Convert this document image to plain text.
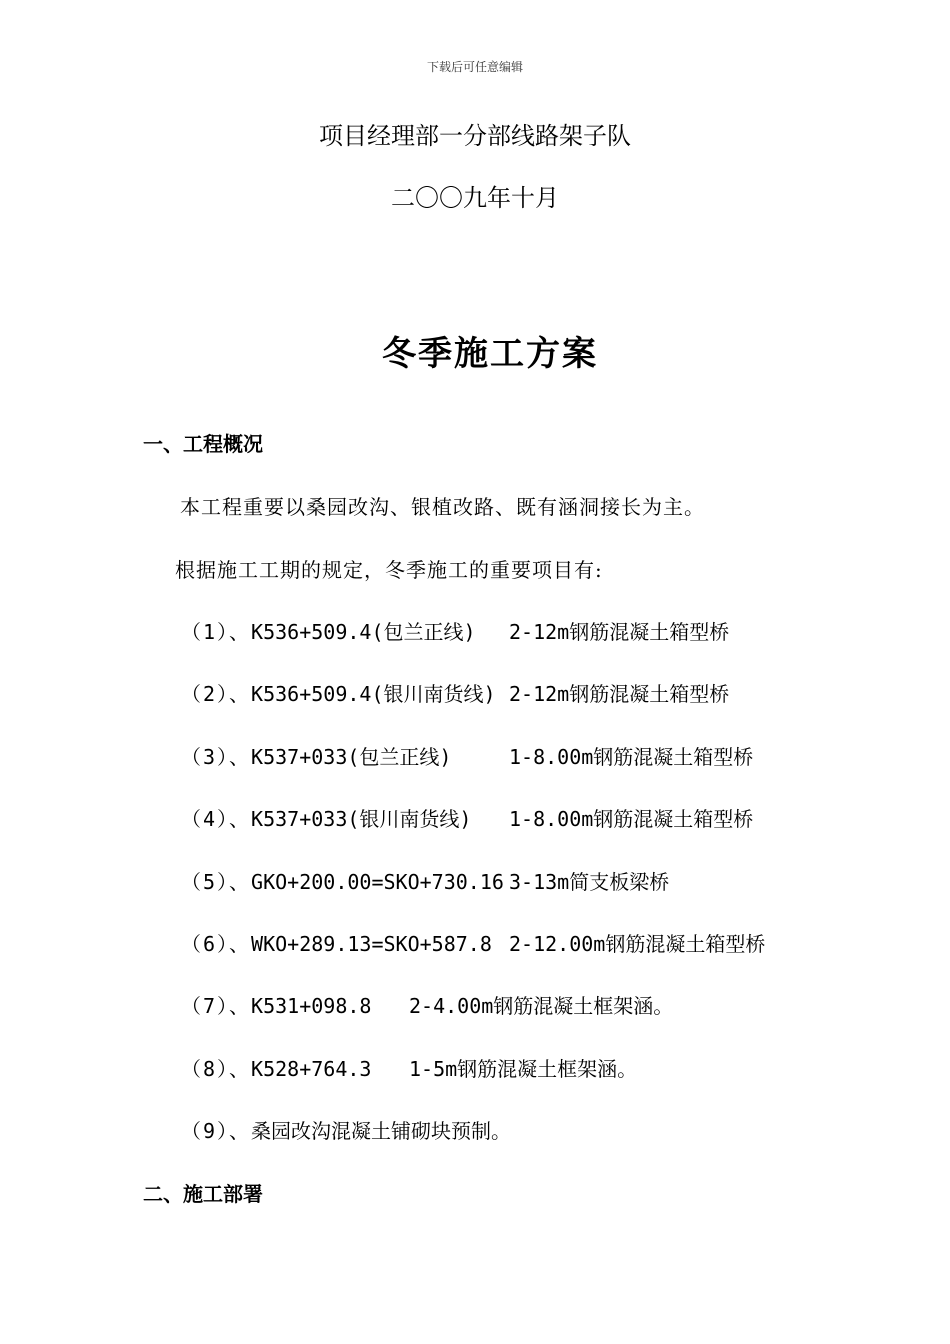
下载后可任意编辑
项目经理部一分部线路架子队
二〇〇九年十月
冬季施工方案
一、工程概况
本工程重要以桑园改沟、银植改路、既有涵洞接长为主。
根据施工工期的规定，冬季施工的重要项目有:
（1）、K536+509.4(包兰正线) 2-12m钢筋混凝土箱型桥
（2）、K536+509.4(银川南货线) 2-12m钢筋混凝土箱型桥
（3）、K537+033(包兰正线)	1-8.00m钢筋混凝土箱型桥
（4）、K537+033(银川南货线) 1-8.00m钢筋混凝土箱型桥
（5）、GKO+200.00=SKO+730.16 3-13m简支板梁桥
（6）、WKO+289.13=SKO+587.8 2-12.00m钢筋混凝土箱型桥
（7）、K531+098.8 2-4.00m钢筋混凝土框架涵。
（8）、K528+764.3 1-5m钢筋混凝土框架涵。
（9）、桑园改沟混凝土铺砌块预制。
二、施工部署
